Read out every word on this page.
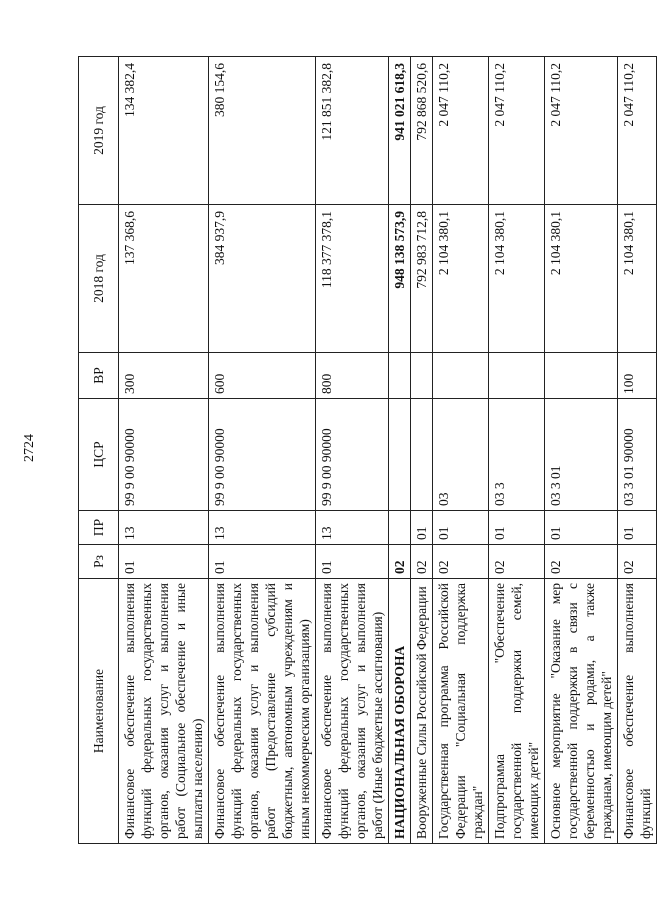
2724
Наименование	Рз	ПР	ЦСР	ВР	2018 год	2019 год
Финансовое обеспечение выполнения функций федеральных государственных органов, оказания услуг и выполнения работ (Социальное обеспечение и иные выплаты населению)	01	13	99 9 00 90000	300	137 368,6	134 382,4
Финансовое обеспечение выполнения функций федеральных государственных органов, оказания услуг и выполнения работ (Предоставление субсидий бюджетным, автономным учреждениям и иным некоммерческим организациям)	01	13	99 9 00 90000	600	384 937,9	380 154,6
Финансовое обеспечение выполнения функций федеральных государственных органов, оказания услуг и выполнения работ (Иные бюджетные ассигнования)	01	13	99 9 00 90000	800	118 377 378,1	121 851 382,8
НАЦИОНАЛЬНАЯ ОБОРОНА	02				948 138 573,9	941 021 618,3
Вооруженные Силы Российской Федерации	02	01			792 983 712,8	792 868 520,6
Государственная программа Российской Федерации "Социальная поддержка граждан"	02	01	03		2 104 380,1	2 047 110,2
Подпрограмма "Обеспечение государственной поддержки семей, имеющих детей"	02	01	03 3		2 104 380,1	2 047 110,2
Основное мероприятие "Оказание мер государственной поддержки в связи с беременностью и родами, а также гражданам, имеющим детей"	02	01	03 3 01		2 104 380,1	2 047 110,2
Финансовое обеспечение выполнения функций	02	01	03 3 01 90000	100	2 104 380,1	2 047 110,2
